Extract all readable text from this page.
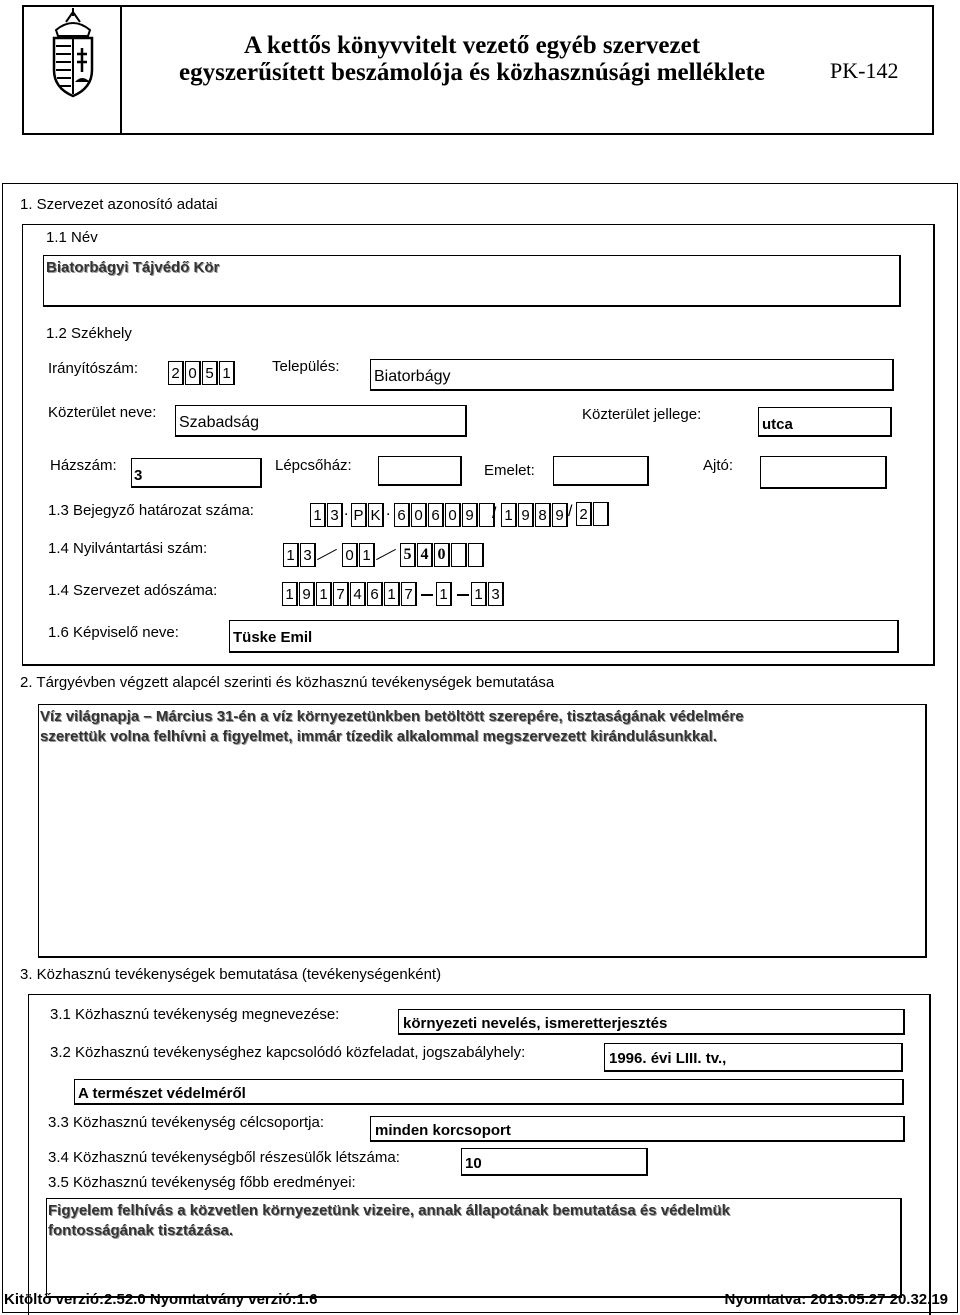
A kettős könyvvitelt vezető egyéb szervezet
egyszerűsített beszámolója és közhasznúsági melléklete	PK-142
1. Szervezet azonosító adatai
1.1 Név
Biatorbágyi Tájvédő Kör
1.2 Székhely
Irányítószám: 2 0 5 1	Település:
Biatorbágy
Közterület neve:
Szabadság	Közterület jellege:
utca
Házszám:
3
Lépcsőház:	Emelet:	Ajtó:
1.3 Bejegyző határozat száma:	1 3 . P K . 6 0 6 0 9 / 1 9 8 9 / 2
1.4 Nyilvántartási szám:	1 3 0 1 5 4 0
1.4 Szervezet adószáma:	1 9 1 7 4 6 1 7 1 1 3
1.6 Képviselő neve:	Tüske Emil
2. Tárgyévben végzett alapcél szerinti és közhasznú tevékenységek bemutatása
Víz világnapja – Március 31-én a víz környezetünkben betöltött szerepére, tisztaságának védelmére
szerettük volna felhívni a figyelmet, immár tízedik alkalommal megszervezett kirándulásunkkal.
3. Közhasznú tevékenységek bemutatása (tevékenységenként)
3.1 Közhasznú tevékenység megnevezése:
környezeti nevelés, ismeretterjesztés
3.2 Közhasznú tevékenységhez kapcsolódó közfeladat, jogszabályhely:	1996. évi LIII. tv.,
A természet védelméről
3.3 Közhasznú tevékenység célcsoportja:	minden korcsoport
3.4 Közhasznú tevékenységből részesülők létszáma:	10
3.5 Közhasznú tevékenység főbb eredményei:
Figyelem felhívás a közvetlen környezetünk vizeire, annak állapotának bemutatása és védelmük
fontosságának tisztázása.
Kitöltő verzió:2.52.0 Nyomtatvány verzió:1.6	Nyomtatva: 2013.05.27 20.32.19
